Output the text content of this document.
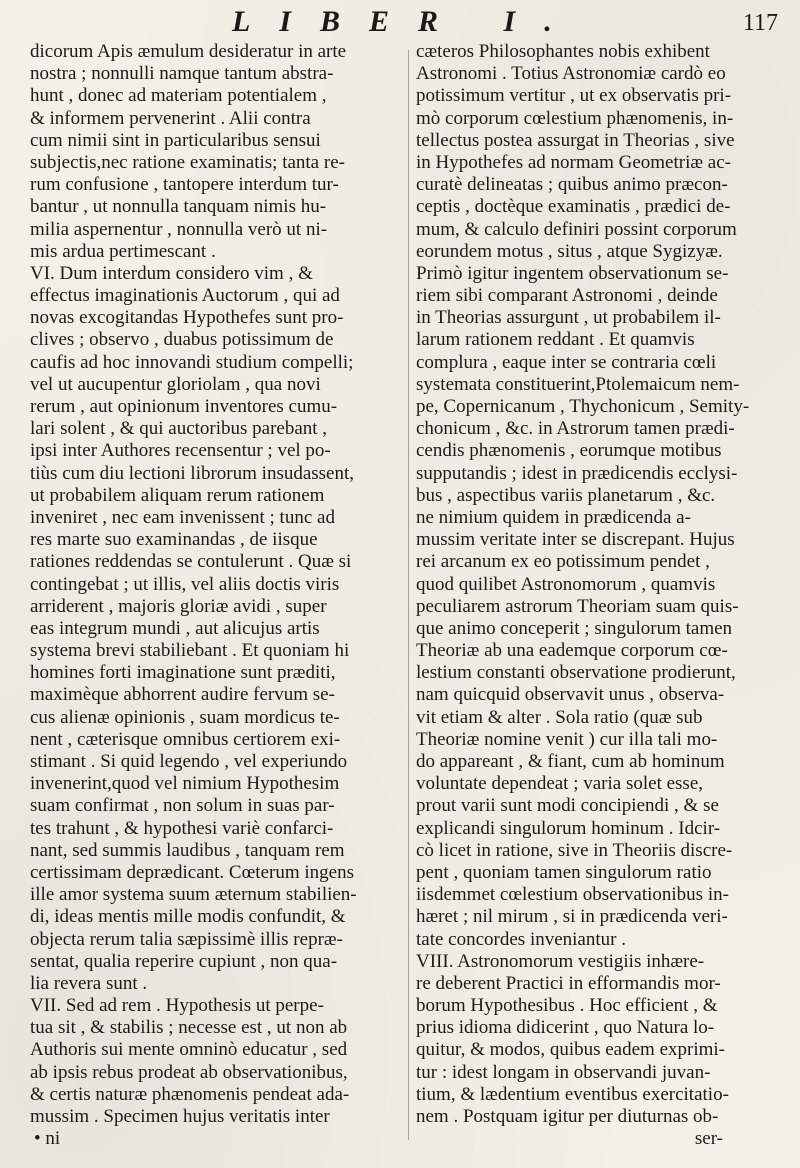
LIBER I.	117
dicorum Apis æmulum desideratur in arte
nostra ; nonnulli namque tantum abstra-
hunt , donec ad materiam potentialem ,
& informem pervenerint . Alii contra
cum nimii sint in particularibus sensui
subjectis,nec ratione examinatis; tanta re-
rum confusione , tantopere interdum tur-
bantur , ut nonnulla tanquam nimis hu-
milia aspernentur , nonnulla verò ut ni-
mis ardua pertimescant .
VI. Dum interdum considero vim , &
effectus imaginationis Auctorum , qui ad
novas excogitandas Hypothefes sunt pro-
clives ; observo , duabus potissimum de
caufis ad hoc innovandi studium compelli;
vel ut aucupentur gloriolam , qua novi
rerum , aut opinionum inventores cumu-
lari solent , & qui auctoribus parebant ,
ipsi inter Authores recensentur ; vel po-
tiùs cum diu lectioni librorum insudassent,
ut probabilem aliquam rerum rationem
inveniret , nec eam invenissent ; tunc ad
res marte suo examinandas , de iisque
rationes reddendas se contulerunt . Quæ si
contingebat ; ut illis, vel aliis doctis viris
arriderent , majoris gloriæ avidi , super
eas integrum mundi , aut alicujus artis
systema brevi stabiliebant . Et quoniam hi
homines forti imaginatione sunt præditi,
maximèque abhorrent audire fervum se-
cus alienæ opinionis , suam mordicus te-
nent , cæterisque omnibus certiorem exi-
stimant . Si quid legendo , vel experiundo
invenerint,quod vel nimium Hypothesim
suam confirmat , non solum in suas par-
tes trahunt , & hypothesi variè confarci-
nant, sed summis laudibus , tanquam rem
certissimam deprædicant. Cœterum ingens
ille amor systema suum æternum stabilien-
di, ideas mentis mille modis confundit, &
objecta rerum talia sæpissimè illis repræ-
sentat, qualia reperire cupiunt , non qua-
lia revera sunt .
VII. Sed ad rem . Hypothesis ut perpe-
tua sit , & stabilis ; necesse est , ut non ab
Authoris sui mente omninò educatur , sed
ab ipsis rebus prodeat ab observationibus,
& certis naturæ phænomenis pendeat ada-
mussim . Specimen hujus veritatis inter
• ni
cæteros Philosophantes nobis exhibent
Astronomi . Totius Astronomiæ cardò eo
potissimum vertitur , ut ex observatis pri-
mò corporum cœlestium phænomenis, in-
tellectus postea assurgat in Theorias , sive
in Hypothefes ad normam Geometriæ ac-
curatè delineatas ; quibus animo præcon-
ceptis , doctèque examinatis , prædici de-
mum, & calculo definiri possint corporum
eorundem motus , situs , atque Sygizyæ.
Primò igitur ingentem observationum se-
riem sibi comparant Astronomi , deinde
in Theorias assurgunt , ut probabilem il-
larum rationem reddant . Et quamvis
complura , eaque inter se contraria cœli
systemata constituerint,Ptolemaicum nem-
pe, Copernicanum , Thychonicum , Semity-
chonicum , &c. in Astrorum tamen prædi-
cendis phænomenis , eorumque motibus
supputandis ; idest in prædicendis ecclysi-
bus , aspectibus variis planetarum , &c.
ne nimium quidem in prædicenda a-
mussim veritate inter se discrepant. Hujus
rei arcanum ex eo potissimum pendet ,
quod quilibet Astronomorum , quamvis
peculiarem astrorum Theoriam suam quis-
que animo conceperit ; singulorum tamen
Theoriæ ab una eademque corporum cœ-
lestium constanti observatione prodierunt,
nam quicquid observavit unus , observa-
vit etiam & alter . Sola ratio (quæ sub
Theoriæ nomine venit ) cur illa tali mo-
do appareant , & fiant, cum ab hominum
voluntate dependeat ; varia solet esse,
prout varii sunt modi concipiendi , & se
explicandi singulorum hominum . Idcir-
cò licet in ratione, sive in Theoriis discre-
pent , quoniam tamen singulorum ratio
iisdemmet cœlestium observationibus in-
hæret ; nil mirum , si in prædicenda veri-
tate concordes inveniantur .
VIII. Astronomorum vestigiis inhære-
re deberent Practici in efformandis mor-
borum Hypothesibus . Hoc efficient , &
prius idioma didicerint , quo Natura lo-
quitur, & modos, quibus eadem exprimi-
tur : idest longam in observandi juvan-
tium, & lædentium eventibus exercitatio-
nem . Postquam igitur per diuturnas ob-
ser-
